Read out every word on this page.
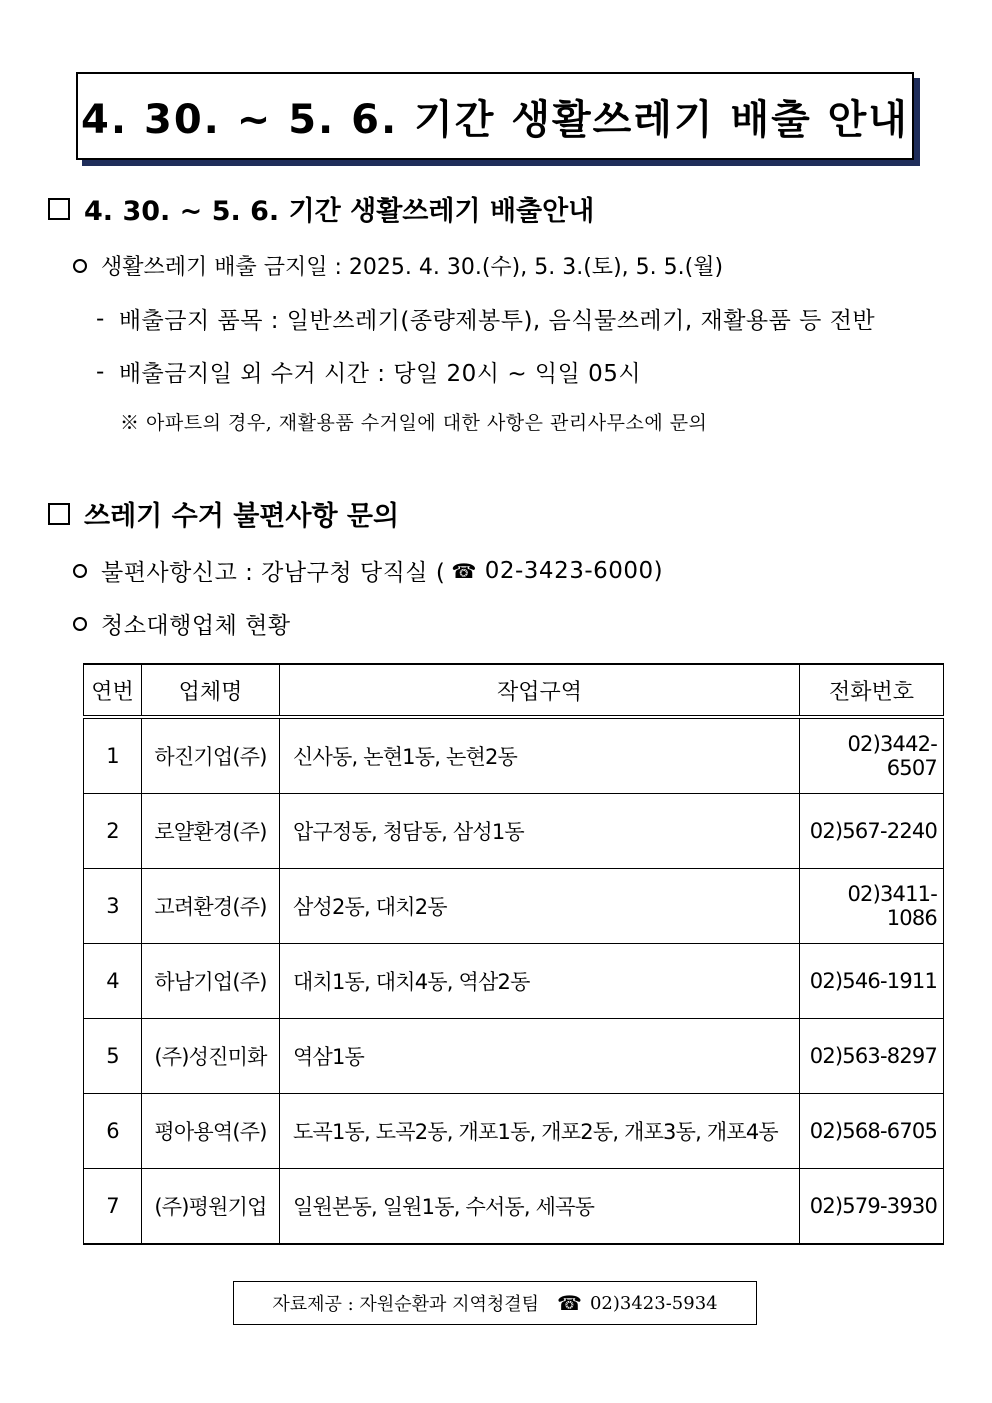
4. 30. ~ 5. 6. 기간 생활쓰레기 배출 안내
4. 30. ~ 5. 6. 기간 생활쓰레기 배출안내
생활쓰레기 배출 금지일 : 2025. 4. 30.(수), 5. 3.(토), 5. 5.(월)
- 배출금지 품목 : 일반쓰레기(종량제봉투), 음식물쓰레기, 재활용품 등 전반
- 배출금지일 외 수거 시간 : 당일 20시 ~ 익일 05시
※ 아파트의 경우, 재활용품 수거일에 대한 사항은 관리사무소에 문의
쓰레기 수거 불편사항 문의
불편사항신고 : 강남구청 당직실 ( ☎ 02-3423-6000)
청소대행업체 현황
연번	업체명	작업구역	전화번호
1	하진기업(주)	신사동, 논현1동, 논현2동	02)3442-6507
2	로얄환경(주)	압구정동, 청담동, 삼성1동	02)567-2240
3	고려환경(주)	삼성2동, 대치2동	02)3411-1086
4	하남기업(주)	대치1동, 대치4동, 역삼2동	02)546-1911
5	(주)성진미화	역삼1동	02)563-8297
6	평아용역(주)	도곡1동, 도곡2동, 개포1동, 개포2동, 개포3동, 개포4동	02)568-6705
7	(주)평원기업	일원본동, 일원1동, 수서동, 세곡동	02)579-3930
자료제공 : 자원순환과 지역청결팀 ☎ 02)3423-5934
